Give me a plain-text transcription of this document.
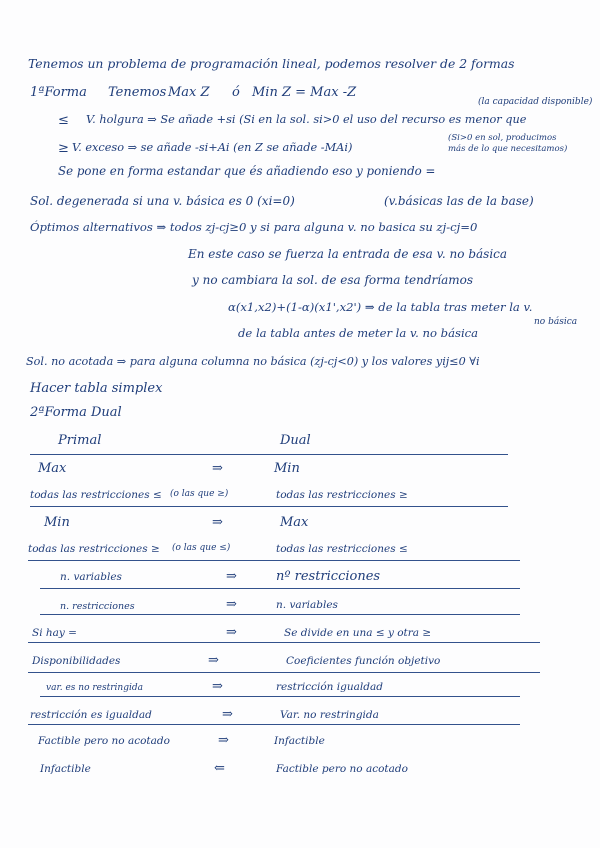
Tenemos un problema de programación lineal, podemos resolver de 2 formas
1ªForma Tenemos Max Z ó Min Z = Max -Z
(la capacidad disponible)
≤ V. holgura ⇒ Se añade +si (Si en la sol. si>0 el uso del recurso es menor que
≥ V. exceso ⇒ se añade -si+Ai (en Z se añade -MAi)
(Si>0 en sol, producimos
más de lo que necesitamos)
Se pone en forma estandar que és añadiendo eso y poniendo =
Sol. degenerada si una v. básica es 0 (xi=0)	(v.básicas las de la base)
Óptimos alternativos ⇒ todos zj-cj≥0 y si para alguna v. no basica su zj-cj=0
En este caso se fuerza la entrada de esa v. no básica
y no cambiara la sol. de esa forma tendríamos
α(x1,x2)+(1-α)(x1',x2') ⇒ de la tabla tras meter la v.
no básica
de la tabla antes de meter la v. no básica
Sol. no acotada ⇒ para alguna columna no básica (zj-cj<0) y los valores yij≤0 ∀i
Hacer tabla simplex
2ªForma Dual
Primal	Dual
Max	⇒	Min
todas las restricciones ≤ (o las que ≥)	todas las restricciones ≥
Min	⇒	Max
todas las restricciones ≥ (o las que ≤)	todas las restricciones ≤
n. variables	⇒	nº restricciones
n. restricciones	⇒	n. variables
Si hay =	⇒	Se divide en una ≤ y otra ≥
Disponibilidades	⇒	Coeficientes función objetivo
var. es no restringida	⇒	restricción igualdad
restricción es igualdad	⇒	Var. no restringida
Factible pero no acotado	⇒	Infactible
Infactible	⇐	Factible pero no acotado
